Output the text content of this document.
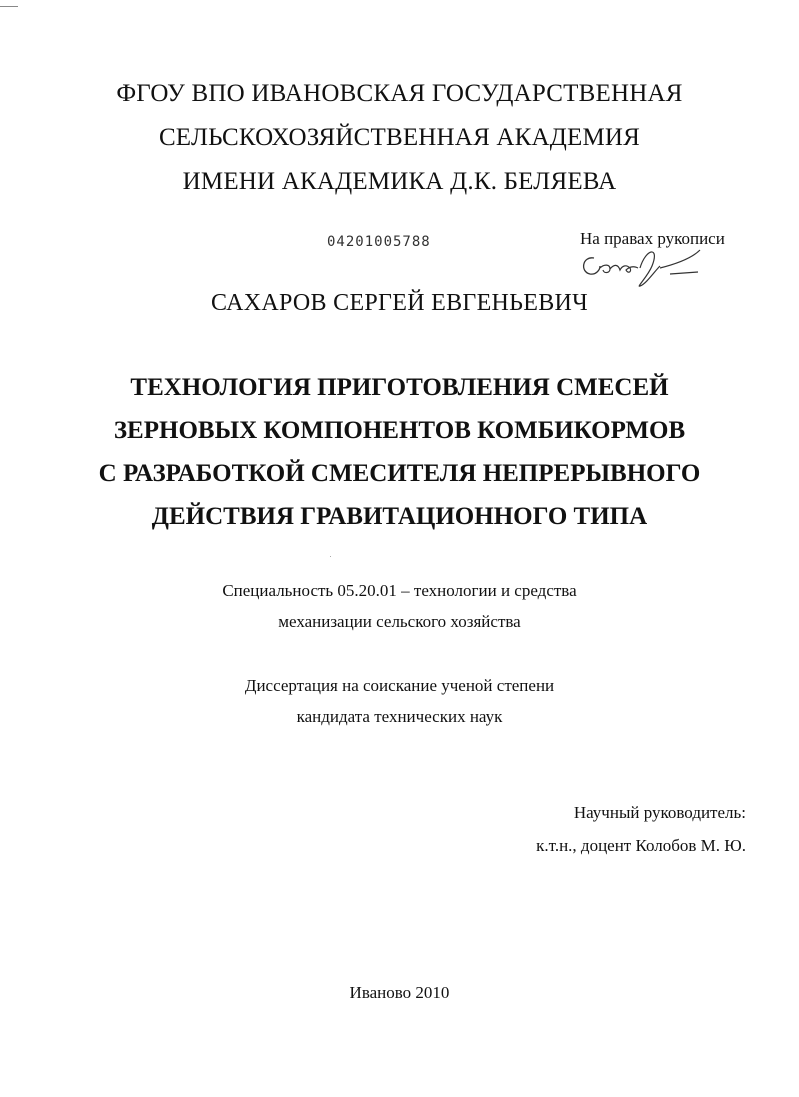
ФГОУ ВПО ИВАНОВСКАЯ ГОСУДАРСТВЕННАЯ
СЕЛЬСКОХОЗЯЙСТВЕННАЯ АКАДЕМИЯ
ИМЕНИ АКАДЕМИКА Д.К. БЕЛЯЕВА
04201005788	На правах рукописи
САХАРОВ СЕРГЕЙ ЕВГЕНЬЕВИЧ
ТЕХНОЛОГИЯ ПРИГОТОВЛЕНИЯ СМЕСЕЙ
ЗЕРНОВЫХ КОМПОНЕНТОВ КОМБИКОРМОВ
С РАЗРАБОТКОЙ СМЕСИТЕЛЯ НЕПРЕРЫВНОГО
ДЕЙСТВИЯ ГРАВИТАЦИОННОГО ТИПА
Специальность 05.20.01 – технологии и средства
механизации сельского хозяйства
Диссертация на соискание ученой степени
кандидата технических наук
Научный руководитель:
к.т.н., доцент Колобов М. Ю.
Иваново 2010
